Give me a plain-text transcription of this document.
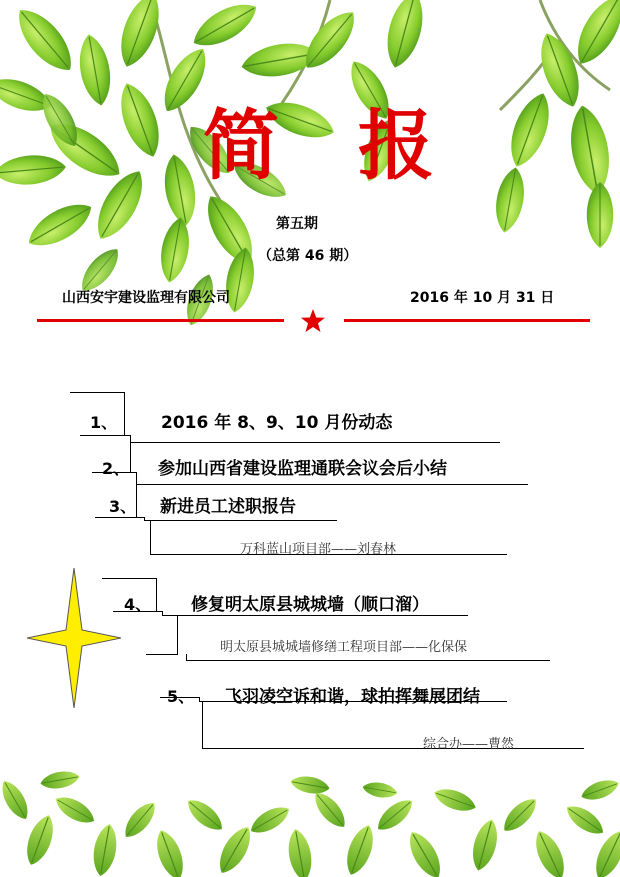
简 报
第五期
（总第 46 期）
山西安宇建设监理有限公司	2016 年 10 月 31 日
1、	2016 年 8、9、10 月份动态
2、 参加山西省建设监理通联会议会后小结
3、 新进员工述职报告
万科蓝山项目部——刘春林
4、 修复明太原县城城墙（顺口溜）
明太原县城城墙修缮工程项目部——化保保
5、 飞羽凌空诉和谐，球拍挥舞展团结
综合办——曹然
